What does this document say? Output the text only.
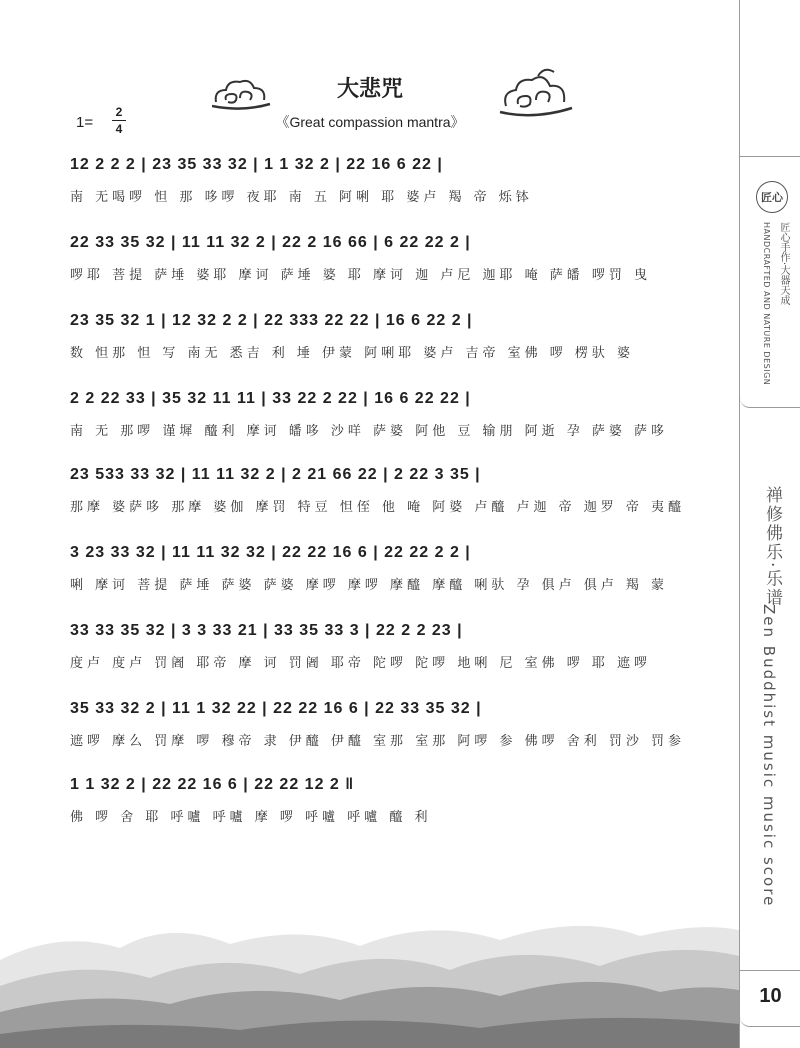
大悲咒
《Great compassion mantra》
1=
2
4
12 2 2 2 | 23 35 33 32 | 1 1 32 2 | 22 16 6 22 |
南 无喝啰 怛 那 哆啰 夜耶 南 五 阿唎 耶 婆卢 羯 帝 烁钵
22 33 35 32 | 11 11 32 2 | 22 2 16 66 | 6 22 22 2 |
啰耶 菩提 萨埵 婆耶 摩诃 萨埵 婆 耶 摩诃 迦 卢尼 迦耶 唵 萨皤 啰罚 曳
23 35 32 1 | 12 32 2 2 | 22 333 22 22 | 16 6 22 2 |
数 怛那 怛 写 南无 悉吉 利 埵 伊蒙 阿唎耶 婆卢 吉帝 室佛 啰 楞驮 婆
2 2 22 33 | 35 32 11 11 | 33 22 2 22 | 16 6 22 22 |
南 无 那啰 谨墀 醯利 摩诃 皤哆 沙咩 萨婆 阿他 豆 输朋 阿逝 孕 萨婆 萨哆
23 533 33 32 | 11 11 32 2 | 2 21 66 22 | 2 22 3 35 |
那摩 婆萨哆 那摩 婆伽 摩罚 特豆 怛侄 他 唵 阿婆 卢醯 卢迦 帝 迦罗 帝 夷醯
3 23 33 32 | 11 11 32 32 | 22 22 16 6 | 22 22 2 2 |
唎 摩诃 菩提 萨埵 萨婆 萨婆 摩啰 摩啰 摩醯 摩醯 唎驮 孕 俱卢 俱卢 羯 蒙
33 33 35 32 | 3 3 33 21 | 33 35 33 3 | 22 2 2 23 |
度卢 度卢 罚阇 耶帝 摩 诃 罚阇 耶帝 陀啰 陀啰 地唎 尼 室佛 啰 耶 遮啰
35 33 32 2 | 11 1 32 22 | 22 22 16 6 | 22 33 35 32 |
遮啰 摩么 罚摩 啰 穆帝 隶 伊醯 伊醯 室那 室那 阿啰 参 佛啰 舍利 罚沙 罚参
1 1 32 2 | 22 22 16 6 | 22 22 12 2 ‖
佛 啰 舍 耶 呼嚧 呼嚧 摩 啰 呼嚧 呼嚧 醯 利
匠心
HANDCRAFTED AND NATURE DESIGN 匠心手作·大器天成
禅修佛乐·乐谱
Zen Buddhist music music score
10
